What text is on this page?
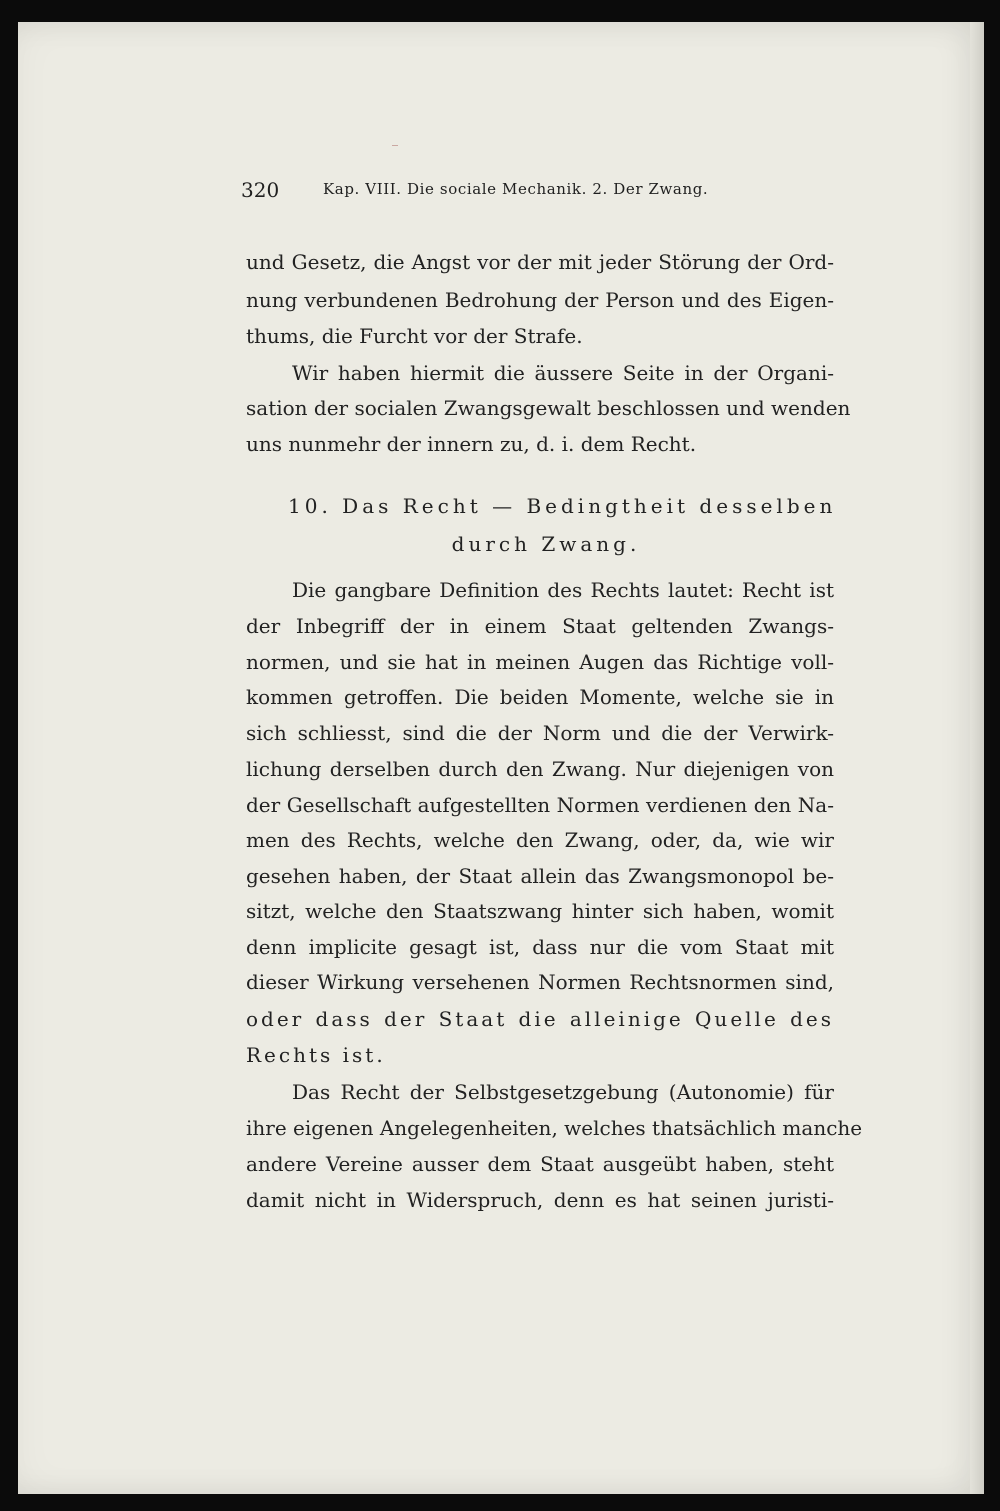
320	Kap. VIII. Die sociale Mechanik. 2. Der Zwang.
und Gesetz, die Angst vor der mit jeder Störung der Ord-
nung verbundenen Bedrohung der Person und des Eigen-
thums, die Furcht vor der Strafe.
Wir haben hiermit die äussere Seite in der Organi-
sation der socialen Zwangsgewalt beschlossen und wenden
uns nunmehr der innern zu, d. i. dem Recht.
10. Das Recht — Bedingtheit desselben
durch Zwang.
Die gangbare Definition des Rechts lautet: Recht ist
der Inbegriff der in einem Staat geltenden Zwangs-
normen, und sie hat in meinen Augen das Richtige voll-
kommen getroffen. Die beiden Momente, welche sie in
sich schliesst, sind die der Norm und die der Verwirk-
lichung derselben durch den Zwang. Nur diejenigen von
der Gesellschaft aufgestellten Normen verdienen den Na-
men des Rechts, welche den Zwang, oder, da, wie wir
gesehen haben, der Staat allein das Zwangsmonopol be-
sitzt, welche den Staatszwang hinter sich haben, womit
denn implicite gesagt ist, dass nur die vom Staat mit
dieser Wirkung versehenen Normen Rechtsnormen sind,
oder dass der Staat die alleinige Quelle des
Rechts ist.
Das Recht der Selbstgesetzgebung (Autonomie) für
ihre eigenen Angelegenheiten, welches thatsächlich manche
andere Vereine ausser dem Staat ausgeübt haben, steht
damit nicht in Widerspruch, denn es hat seinen juristi-
